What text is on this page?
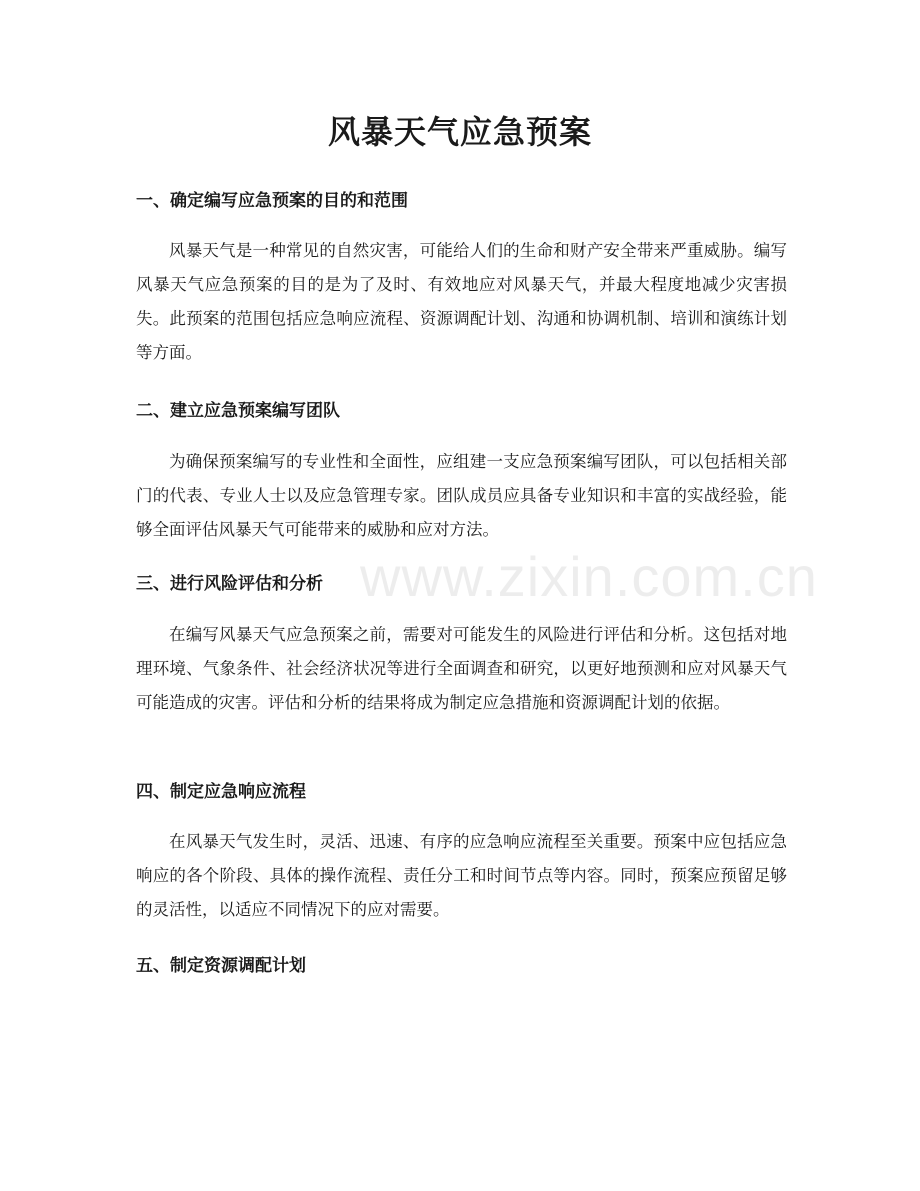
风暴天气应急预案
一、确定编写应急预案的目的和范围

风暴天气是一种常见的自然灾害，可能给人们的生命和财产安全带来严重威胁。编写风暴天气应急预案的目的是为了及时、有效地应对风暴天气，并最大程度地减少灾害损失。此预案的范围包括应急响应流程、资源调配计划、沟通和协调机制、培训和演练计划等方面。

二、建立应急预案编写团队

为确保预案编写的专业性和全面性，应组建一支应急预案编写团队，可以包括相关部门的代表、专业人士以及应急管理专家。团队成员应具备专业知识和丰富的实战经验，能够全面评估风暴天气可能带来的威胁和应对方法。

三、进行风险评估和分析

在编写风暴天气应急预案之前，需要对可能发生的风险进行评估和分析。这包括对地理环境、气象条件、社会经济状况等进行全面调查和研究，以更好地预测和应对风暴天气可能造成的灾害。评估和分析的结果将成为制定应急措施和资源调配计划的依据。

四、制定应急响应流程

在风暴天气发生时，灵活、迅速、有序的应急响应流程至关重要。预案中应包括应急响应的各个阶段、具体的操作流程、责任分工和时间节点等内容。同时，预案应预留足够的灵活性，以适应不同情况下的应对需要。

五、制定资源调配计划
www.zixin.com.cn
